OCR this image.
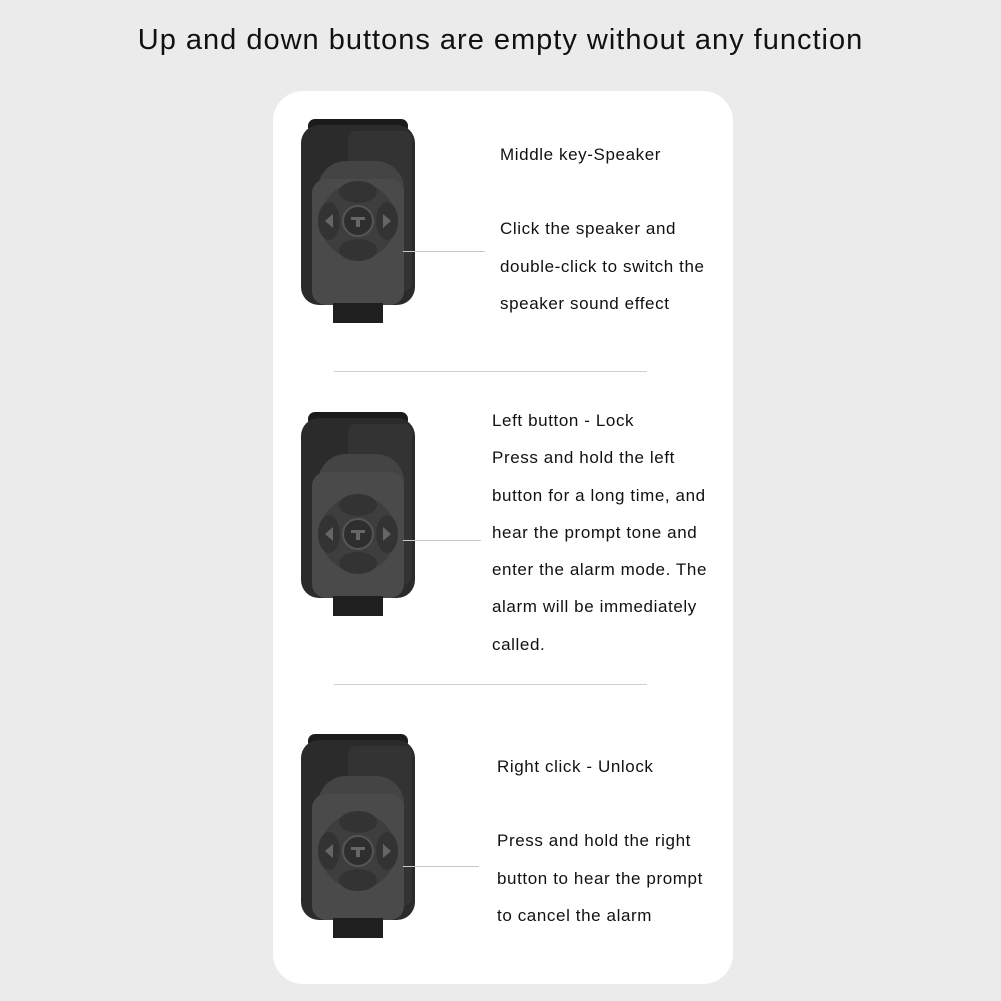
Up and down buttons are empty without any function
Middle key-Speaker
Click the speaker and
double-click to switch the
speaker sound effect
Left button - Lock
Press and hold the left
button for a long time, and
hear the prompt tone and
enter the alarm mode. The
alarm will be immediately
called.
Right click - Unlock
Press and hold the right
button to hear the prompt
to cancel the alarm
